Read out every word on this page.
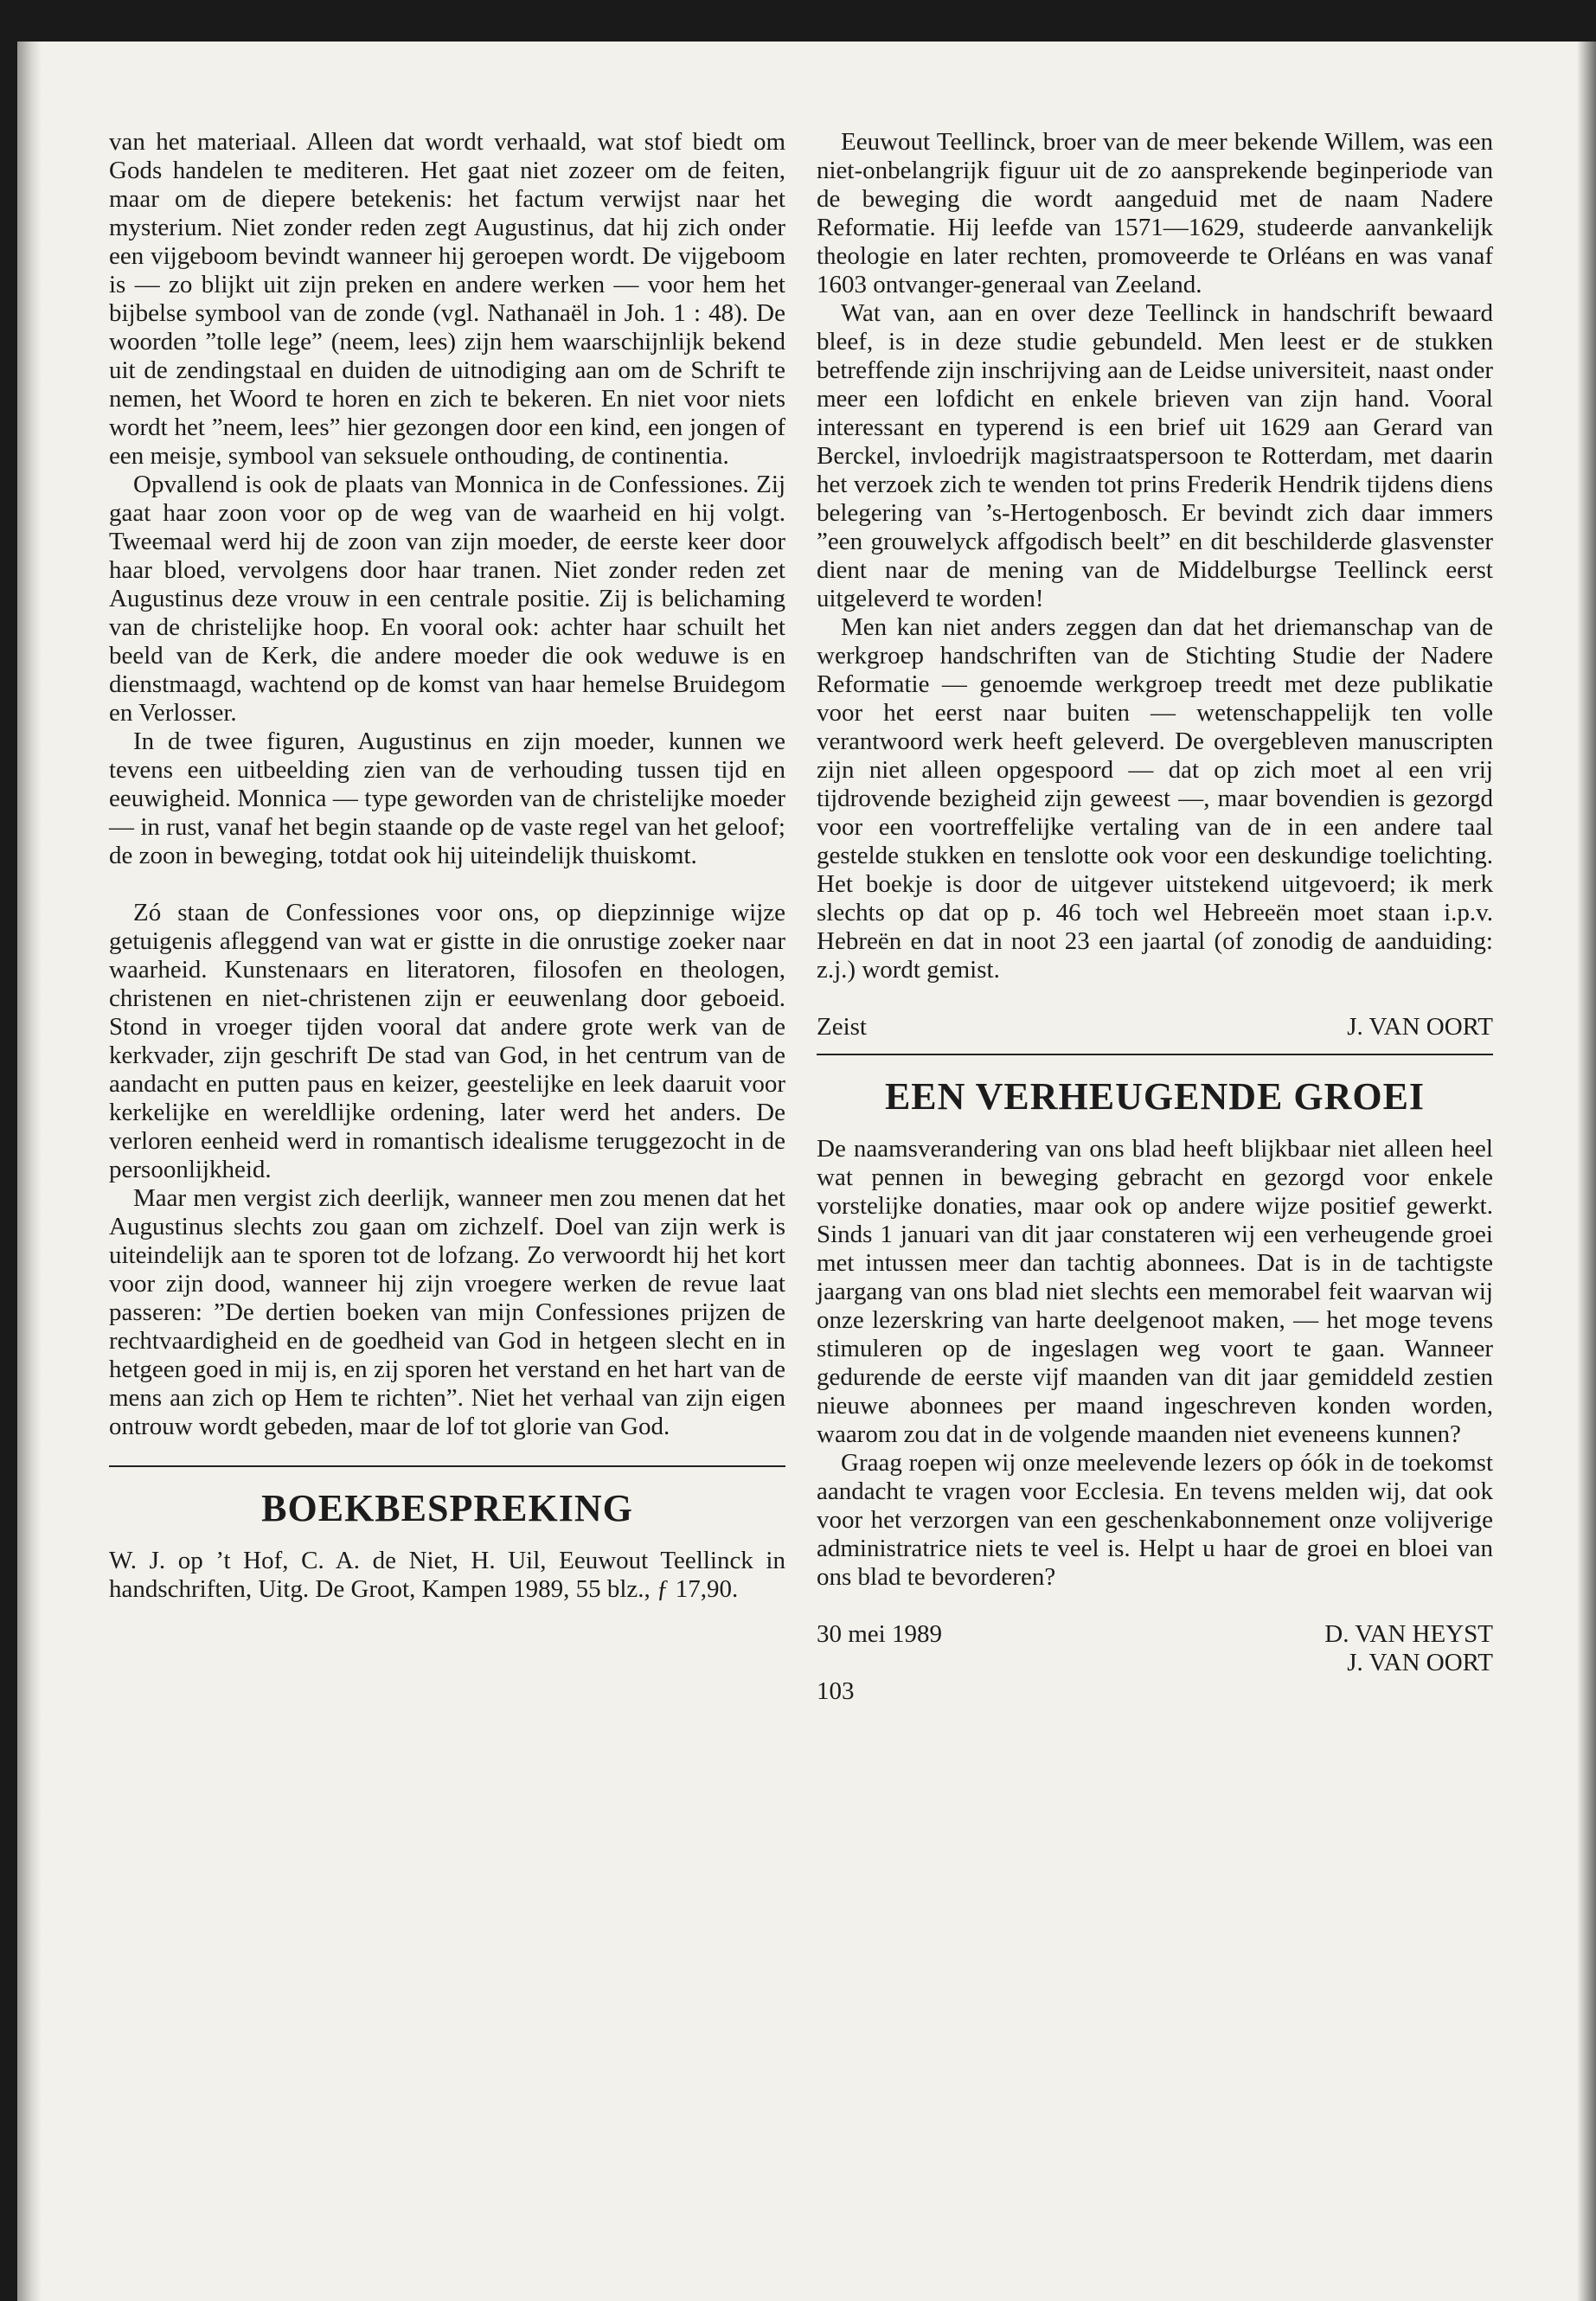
van het materiaal. Alleen dat wordt verhaald, wat stof biedt om Gods handelen te mediteren. Het gaat niet zozeer om de feiten, maar om de diepere betekenis: het factum verwijst naar het mysterium. Niet zonder reden zegt Augustinus, dat hij zich onder een vijgeboom bevindt wanneer hij geroepen wordt. De vijgeboom is — zo blijkt uit zijn preken en andere werken — voor hem het bijbelse symbool van de zonde (vgl. Nathanaël in Joh. 1 : 48). De woorden ”tolle lege” (neem, lees) zijn hem waarschijnlijk bekend uit de zendingstaal en duiden de uitnodiging aan om de Schrift te nemen, het Woord te horen en zich te bekeren. En niet voor niets wordt het ”neem, lees” hier gezongen door een kind, een jongen of een meisje, symbool van seksuele onthouding, de continentia.

Opvallend is ook de plaats van Monnica in de Confessiones. Zij gaat haar zoon voor op de weg van de waarheid en hij volgt. Tweemaal werd hij de zoon van zijn moeder, de eerste keer door haar bloed, vervolgens door haar tranen. Niet zonder reden zet Augustinus deze vrouw in een centrale positie. Zij is belichaming van de christelijke hoop. En vooral ook: achter haar schuilt het beeld van de Kerk, die andere moeder die ook weduwe is en dienstmaagd, wachtend op de komst van haar hemelse Bruidegom en Verlosser.

In de twee figuren, Augustinus en zijn moeder, kunnen we tevens een uitbeelding zien van de verhouding tussen tijd en eeuwigheid. Monnica — type geworden van de christelijke moeder — in rust, vanaf het begin staande op de vaste regel van het geloof; de zoon in beweging, totdat ook hij uiteindelijk thuiskomt.

Zó staan de Confessiones voor ons, op diepzinnige wijze getuigenis afleggend van wat er gistte in die onrustige zoeker naar waarheid. Kunstenaars en literatoren, filosofen en theologen, christenen en niet-christenen zijn er eeuwenlang door geboeid. Stond in vroeger tijden vooral dat andere grote werk van de kerkvader, zijn geschrift De stad van God, in het centrum van de aandacht en putten paus en keizer, geestelijke en leek daaruit voor kerkelijke en wereldlijke ordening, later werd het anders. De verloren eenheid werd in romantisch idealisme teruggezocht in de persoonlijkheid.

Maar men vergist zich deerlijk, wanneer men zou menen dat het Augustinus slechts zou gaan om zichzelf. Doel van zijn werk is uiteindelijk aan te sporen tot de lofzang. Zo verwoordt hij het kort voor zijn dood, wanneer hij zijn vroegere werken de revue laat passeren: ”De dertien boeken van mijn Confessiones prijzen de rechtvaardigheid en de goedheid van God in hetgeen slecht en in hetgeen goed in mij is, en zij sporen het verstand en het hart van de mens aan zich op Hem te richten”. Niet het verhaal van zijn eigen ontrouw wordt gebeden, maar de lof tot glorie van God.

BOEKBESPREKING

W. J. op ’t Hof, C. A. de Niet, H. Uil, Eeuwout Teellinck in handschriften, Uitg. De Groot, Kampen 1989, 55 blz., ƒ 17,90.

Eeuwout Teellinck, broer van de meer bekende Willem, was een niet-onbelangrijk figuur uit de zo aansprekende beginperiode van de beweging die wordt aangeduid met de naam Nadere Reformatie. Hij leefde van 1571—1629, studeerde aanvankelijk theologie en later rechten, promoveerde te Orléans en was vanaf 1603 ontvanger-generaal van Zeeland.

Wat van, aan en over deze Teellinck in handschrift bewaard bleef, is in deze studie gebundeld. Men leest er de stukken betreffende zijn inschrijving aan de Leidse universiteit, naast onder meer een lofdicht en enkele brieven van zijn hand. Vooral interessant en typerend is een brief uit 1629 aan Gerard van Berckel, invloedrijk magistraatspersoon te Rotterdam, met daarin het verzoek zich te wenden tot prins Frederik Hendrik tijdens diens belegering van ’s-Hertogenbosch. Er bevindt zich daar immers ”een grouwelyck affgodisch beelt” en dit beschilderde glasvenster dient naar de mening van de Middelburgse Teellinck eerst uitgeleverd te worden!

Men kan niet anders zeggen dan dat het driemanschap van de werkgroep handschriften van de Stichting Studie der Nadere Reformatie — genoemde werkgroep treedt met deze publikatie voor het eerst naar buiten — wetenschappelijk ten volle verantwoord werk heeft geleverd. De overgebleven manuscripten zijn niet alleen opgespoord — dat op zich moet al een vrij tijdrovende bezigheid zijn geweest —, maar bovendien is gezorgd voor een voortreffelijke vertaling van de in een andere taal gestelde stukken en tenslotte ook voor een deskundige toelichting. Het boekje is door de uitgever uitstekend uitgevoerd; ik merk slechts op dat op p. 46 toch wel Hebreeën moet staan i.p.v. Hebreën en dat in noot 23 een jaartal (of zonodig de aanduiding: z.j.) wordt gemist.

Zeist	J. VAN OORT
EEN VERHEUGENDE GROEI

De naamsverandering van ons blad heeft blijkbaar niet alleen heel wat pennen in beweging gebracht en gezorgd voor enkele vorstelijke donaties, maar ook op andere wijze positief gewerkt. Sinds 1 januari van dit jaar constateren wij een verheugende groei met intussen meer dan tachtig abonnees. Dat is in de tachtigste jaargang van ons blad niet slechts een memorabel feit waarvan wij onze lezerskring van harte deelgenoot maken, — het moge tevens stimuleren op de ingeslagen weg voort te gaan. Wanneer gedurende de eerste vijf maanden van dit jaar gemiddeld zestien nieuwe abonnees per maand ingeschreven konden worden, waarom zou dat in de volgende maanden niet eveneens kunnen?

Graag roepen wij onze meelevende lezers op óók in de toekomst aandacht te vragen voor Ecclesia. En tevens melden wij, dat ook voor het verzorgen van een geschenkabonnement onze volijverige administratrice niets te veel is. Helpt u haar de groei en bloei van ons blad te bevorderen?

30 mei 1989	D. VAN HEYST
J. VAN OORT

103
